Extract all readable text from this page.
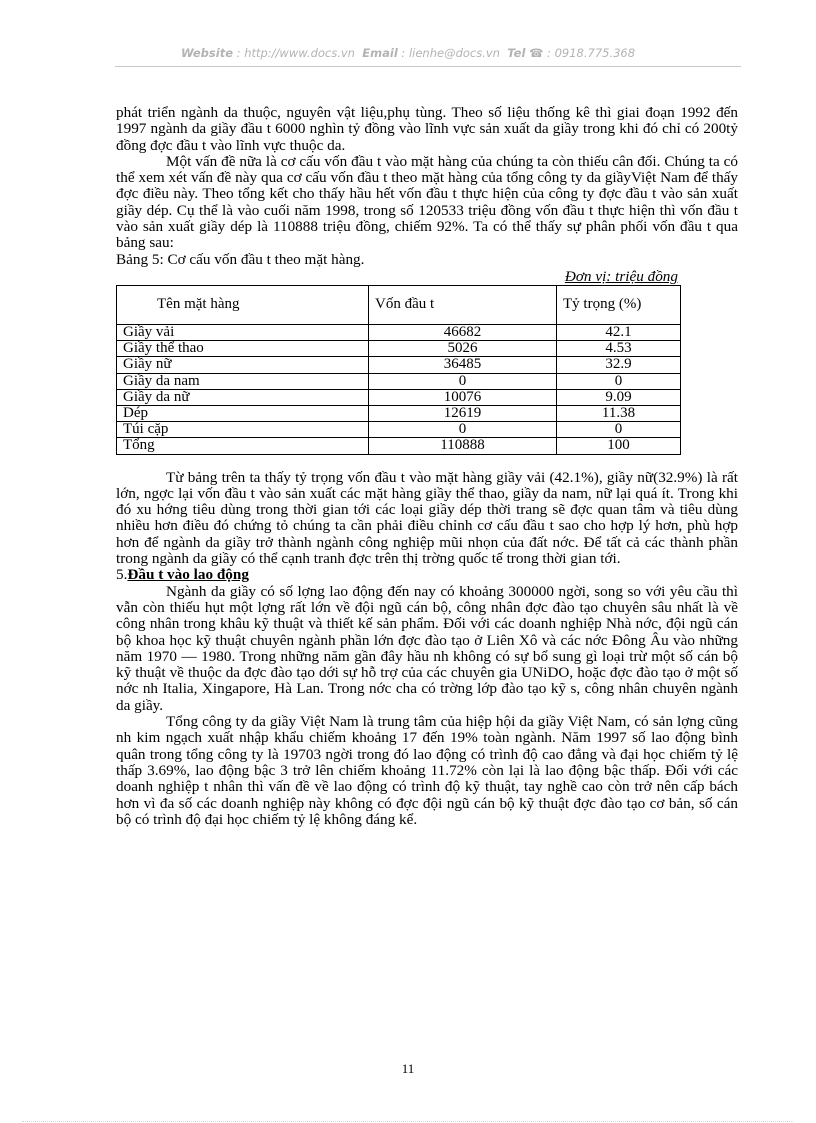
Website : http://www.docs.vn Email : lienhe@docs.vn Tel ☎ : 0918.775.368

phát triển ngành da thuộc, nguyên vật liệu,phụ tùng. Theo số liệu thống kê thì giai đoạn 1992 đến 1997 ngành da giầy đầu t 6000 nghìn tỷ đồng vào lĩnh vực sản xuất da giầy trong khi đó chỉ có 200tỷ đồng đợc đầu t vào lĩnh vực thuộc da.

Một vấn đề nữa là cơ cấu vốn đầu t vào mặt hàng của chúng ta còn thiếu cân đối. Chúng ta có thể xem xét vấn đề này qua cơ cấu vốn đầu t theo mặt hàng của tổng công ty da giầyViệt Nam để thấy đợc điều này. Theo tổng kết cho thấy hầu hết vốn đầu t thực hiện của công ty đợc đầu t vào sản xuất giầy dép. Cụ thể là vào cuối năm 1998, trong số 120533 triệu đồng vốn đầu t thực hiện thì vốn đầu t vào sản xuất giầy dép là 110888 triệu đồng, chiếm 92%. Ta có thể thấy sự phân phối vốn đầu t qua bảng sau:

Bảng 5: Cơ cấu vốn đầu t theo mặt hàng.

Đơn vị: triệu đồng
Tên mặt hàng	Vốn đầu t	Tỷ trọng (%)
Giầy vải	46682	42.1
Giầy thể thao	5026	4.53
Giầy nữ	36485	32.9
Giầy da nam	0	0
Giầy da nữ	10076	9.09
Dép	12619	11.38
Túi cặp	0	0
Tổng	110888	100

Từ bảng trên ta thấy tỷ trọng vốn đầu t vào mặt hàng giầy vải (42.1%), giầy nữ(32.9%) là rất lớn, ngợc lại vốn đầu t vào sản xuất các mặt hàng giầy thể thao, giầy da nam, nữ lại quá ít. Trong khi đó xu hớng tiêu dùng trong thời gian tới các loại giầy dép thời trang sẽ đợc quan tâm và tiêu dùng nhiều hơn điều đó chứng tỏ chúng ta cần phải điều chỉnh cơ cấu đầu t sao cho hợp lý hơn, phù hợp hơn để ngành da giầy trở thành ngành công nghiệp mũi nhọn của đất nớc. Để tất cả các thành phần trong ngành da giầy có thể cạnh tranh đợc trên thị trờng quốc tế trong thời gian tới.

5.Đầu t vào lao động

Ngành da giầy có số lợng lao động đến nay có khoảng 300000 ngời, song so với yêu cầu thì vẫn còn thiếu hụt một lợng rất lớn về đội ngũ cán bộ, công nhân đợc đào tạo chuyên sâu nhất là về công nhân trong khâu kỹ thuật và thiết kế sản phẩm. Đối với các doanh nghiệp Nhà nớc, đội ngũ cán bộ khoa học kỹ thuật chuyên ngành phần lớn đợc đào tạo ở Liên Xô và các nớc Đông Âu vào những năm 1970 — 1980. Trong những năm gần đây hầu nh không có sự bổ sung gì loại trừ một số cán bộ kỹ thuật về thuộc da đợc đào tạo dới sự hỗ trợ của các chuyên gia UNiDO, hoặc đợc đào tạo ở một số nớc nh Italia, Xingapore, Hà Lan. Trong nớc cha có trờng lớp đào tạo kỹ s, công nhân chuyên ngành da giầy.

Tổng công ty da giầy Việt Nam là trung tâm của hiệp hội da giầy Việt Nam, có sản lợng cũng nh kim ngạch xuất nhập khẩu chiếm khoảng 17 đến 19% toàn ngành. Năm 1997 số lao động bình quân trong tổng công ty là 19703 ngời trong đó lao động có trình độ cao đẳng và đại học chiếm tỷ lệ thấp 3.69%, lao động bậc 3 trở lên chiếm khoảng 11.72% còn lại là lao động bậc thấp. Đối với các doanh nghiệp t nhân thì vấn đề về lao động có trình độ kỹ thuật, tay nghề cao còn trở nên cấp bách hơn vì đa số các doanh nghiệp này không có đợc đội ngũ cán bộ kỹ thuật đợc đào tạo cơ bản, số cán bộ có trình độ đại học chiếm tỷ lệ không đáng kể.

11
